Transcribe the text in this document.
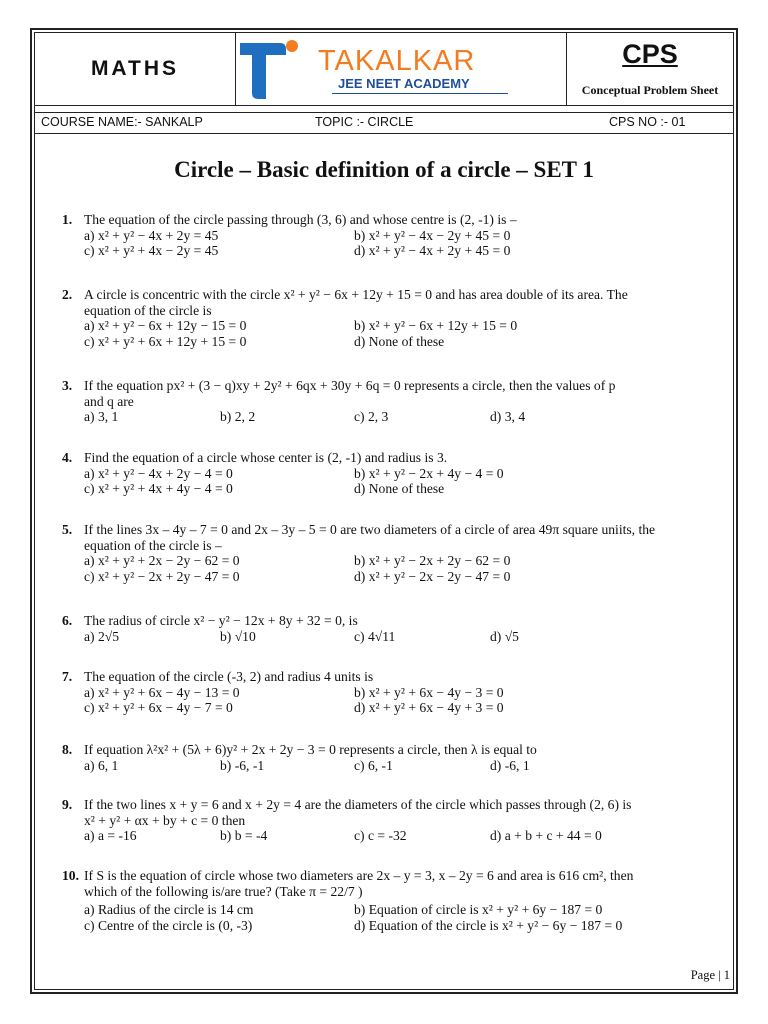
MATHS	TAKALKAR
JEE NEET ACADEMY
CPS
Conceptual Problem Sheet
COURSE NAME:- SANKALP	TOPIC :- CIRCLE	CPS NO :- 01
Circle – Basic definition of a circle – SET 1
1. The equation of the circle passing through (3, 6) and whose centre is (2, -1) is –
a) x² + y² − 4x + 2y = 45	b) x² + y² − 4x − 2y + 45 = 0
c) x² + y² + 4x − 2y = 45	d) x² + y² − 4x + 2y + 45 = 0
2. A circle is concentric with the circle x² + y² − 6x + 12y + 15 = 0 and has area double of its area. The
equation of the circle is
a) x² + y² − 6x + 12y − 15 = 0	b) x² + y² − 6x + 12y + 15 = 0
c) x² + y² + 6x + 12y + 15 = 0	d) None of these
3. If the equation px² + (3 − q)xy + 2y² + 6qx + 30y + 6q = 0 represents a circle, then the values of p
and q are
a) 3, 1	b) 2, 2	c) 2, 3	d) 3, 4
4. Find the equation of a circle whose center is (2, -1) and radius is 3.
a) x² + y² − 4x + 2y − 4 = 0	b) x² + y² − 2x + 4y − 4 = 0
c) x² + y² + 4x + 4y − 4 = 0	d) None of these
5. If the lines 3x – 4y – 7 = 0 and 2x – 3y – 5 = 0 are two diameters of a circle of area 49π square uniits, the
equation of the circle is –
a) x² + y² + 2x − 2y − 62 = 0	b) x² + y² − 2x + 2y − 62 = 0
c) x² + y² − 2x + 2y − 47 = 0	d) x² + y² − 2x − 2y − 47 = 0
6. The radius of circle x² − y² − 12x + 8y + 32 = 0, is
a) 2√5	b) √10	c) 4√11	d) √5
7. The equation of the circle (-3, 2) and radius 4 units is
a) x² + y² + 6x − 4y − 13 = 0	b) x² + y² + 6x − 4y − 3 = 0
c) x² + y² + 6x − 4y − 7 = 0	d) x² + y² + 6x − 4y + 3 = 0
8. If equation λ²x² + (5λ + 6)y² + 2x + 2y − 3 = 0 represents a circle, then λ is equal to
a) 6, 1	b) -6, -1	c) 6, -1	d) -6, 1
9. If the two lines x + y = 6 and x + 2y = 4 are the diameters of the circle which passes through (2, 6) is
x² + y² + αx + by + c = 0 then
a) a = -16	b) b = -4	c) c = -32	d) a + b + c + 44 = 0
10. If S is the equation of circle whose two diameters are 2x – y = 3, x – 2y = 6 and area is 616 cm², then
which of the following is/are true? (Take π = 22/7 )
a) Radius of the circle is 14 cm	b) Equation of circle is x² + y² + 6y − 187 = 0
c) Centre of the circle is (0, -3)	d) Equation of the circle is x² + y² − 6y − 187 = 0
Page | 1
